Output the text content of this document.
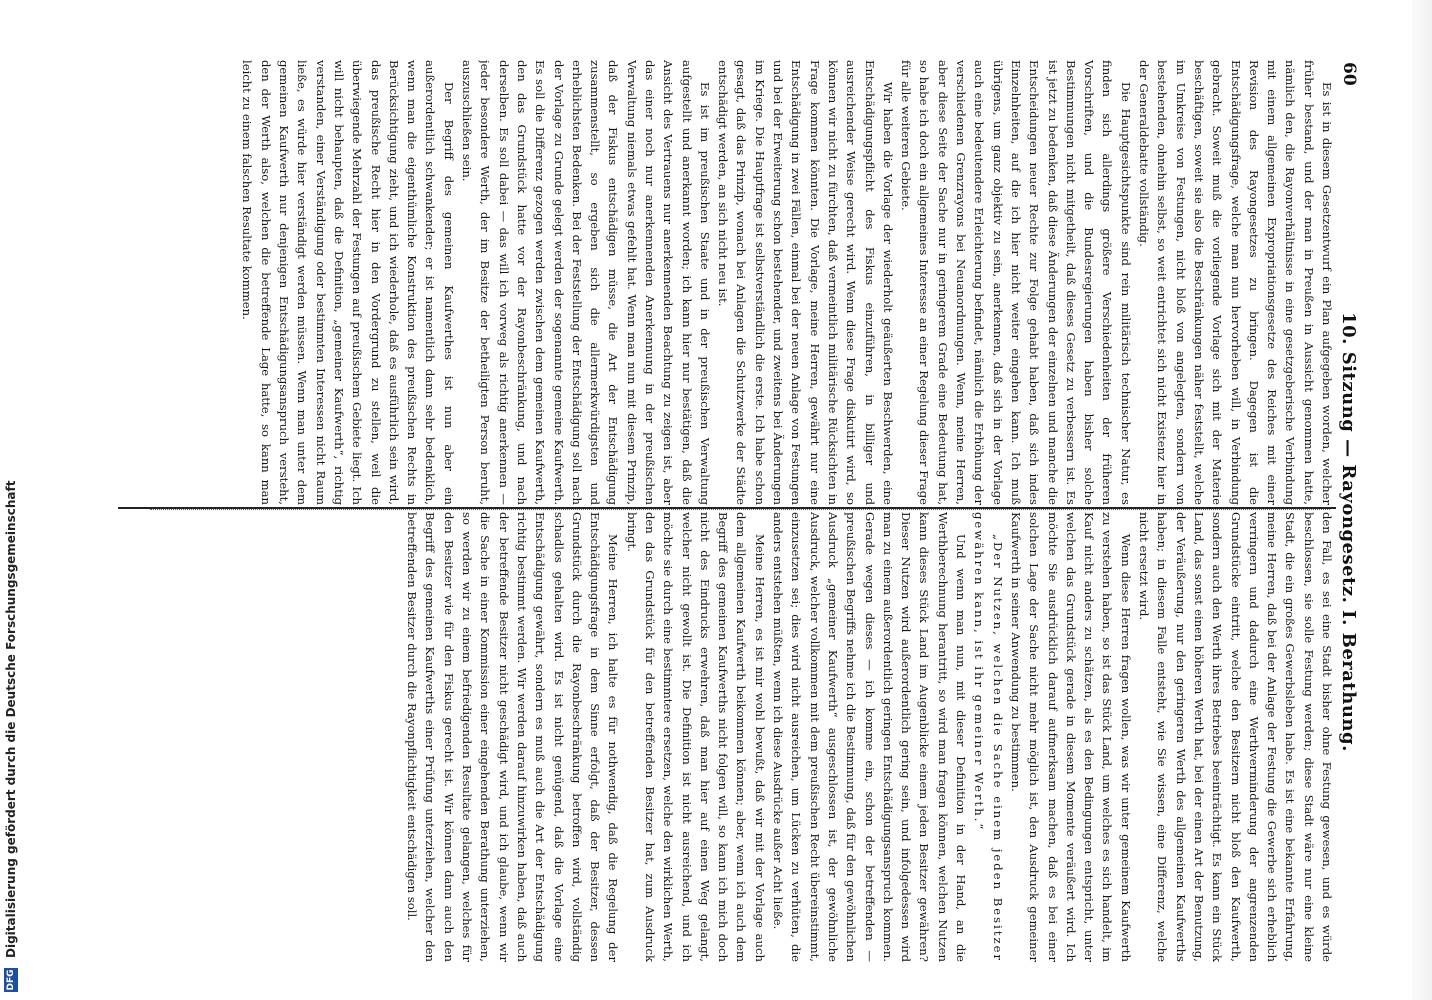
60
10. Sitzung — Rayongesetz. I. Berathung.

Es ist in diesem Gesetzentwurf ein Plan aufgegeben worden, welcher früher bestand, und der man in Preußen in Aussicht genommen hatte, nämlich den, die Rayonverhältnisse in eine gesetzgeberische Verbindung mit einem allgemeinen Expropriationsgesetze des Reiches mit einer Revision des Rayongesetzes zu bringen. Dagegen ist die Entschädigungsfrage, welche man nun hervorheben will, in Verbindung gebracht. Soweit muß die vorliegende Vorlage sich mit der Materie beschäftigen, soweit sie also die Beschränkungen näher feststellt, welche im Umkreise von Festungen, nicht bloß von angelegten, sondern von bestehenden, ohnehin selbst, so weit entrichtet sich nicht Existenz hier in der Generaldebatte vollständig.

Die Hauptgesichtspunkte sind rein militärisch technischer Natur, es finden sich allerdings größere Verschiedenheiten der früheren Vorschriften, und die Bundesregierungen haben bisher solche Bestimmungen nicht mitgetheilt, daß dieses Gesetz zu verbessern ist. Es ist jetzt zu bedenken, daß diese Änderungen der einzelnen und manche die Entscheidungen neuer Rechte zur Folge gehabt haben, daß sich indes Einzelnheiten, auf die ich hier nicht weiter eingehen kann. Ich muß übrigens, um ganz objektiv zu sein, anerkennen, daß sich in der Vorlage auch eine bedeutendere Erleichterung befindet, nämlich die Erhöhung der verschiedenen Grenzrayons bei Neuanordnungen. Wenn, meine Herren, aber diese Seite der Sache nur in geringerem Grade eine Bedeutung hat, so habe ich doch ein allgemeines Interesse an einer Regelung dieser Frage für alle weiteren Gebiete.

Wir haben die Vorlage der wiederholt geäußerten Beschwerden, eine Entschädigungspflicht des Fiskus einzuführen, in billiger und ausreichender Weise gerecht wird. Wenn diese Frage diskutirt wird, so können wir nicht zu fürchten, daß vermeintlich militärische Rücksichten in Frage kommen könnten. Die Vorlage, meine Herren, gewährt nur eine Entschädigung in zwei Fällen, einmal bei der neuen Anlage von Festungen und bei der Erweiterung schon bestehender, und zweitens bei Änderungen im Kriege. Die Hauptfrage ist selbstverständlich die erste. Ich habe schon gesagt, daß das Prinzip, wonach bei Anlagen die Schutzwerke der Städte entschädigt werden, an sich nicht neu ist.

Es ist im preußischen Staate und in der preußischen Verwaltung aufgestellt und anerkannt worden; ich kann hier nur bestätigen, daß die Ansicht des Vertrauens nur anerkennenden Beachtung zu zeigen ist, aber das einer noch nur anerkennenden Anerkennung in der preußischen Verwaltung niemals etwas gefehlt hat. Wenn man nun mit diesem Prinzip, daß der Fiskus entschädigen müsse, die Art der Entschädigung zusammenstellt, so ergeben sich die allermerkwürdigsten und erheblichsten Bedenken. Bei der Feststellung der Entschädigung soll nach der Vorlage zu Grunde gelegt werden der sogenannte gemeine Kaufwerth. Es soll die Differenz gezogen werden zwischen dem gemeinen Kaufwerth, den das Grundstück hatte vor der Rayonbeschränkung, und nach derselben. Es soll dabei — das will ich vorweg als richtig anerkennen — jeder besondere Werth, der im Besitze der betheiligten Person beruht, auszuschließen sein.

Der Begriff des gemeinen Kaufwerthes ist nun aber ein außerordentlich schwankender; er ist namentlich dann sehr bedenklich, wenn man die eigenthümliche Konstruktion des preußischen Rechts in Berücksichtigung zieht, und ich wiederhole, daß es ausführlich sein wird, das preußische Recht hier in den Vordergrund zu stellen, weil die überwiegende Mehrzahl der Festungen auf preußischem Gebiete liegt. Ich will nicht behaupten, daß die Definition, „gemeiner Kaufwerth“, richtig verstanden, einer Verständigung oder bestimmten Interessen nicht Raum ließe, es würde hier verständigt werden müssen. Wenn man unter dem gemeinen Kaufwerth nur denjenigen Entschädigungsanspruch versteht, den der Werth also, welchen die betreffende Lage hatte, so kann man leicht zu einem falschen Resultate kommen.

den Fall, es sei eine Stadt bisher ohne Festung gewesen, und es würde beschlossen, sie solle Festung werden; diese Stadt wäre nur eine kleine Stadt, die ein großes Gewerbsleben habe. Es ist eine bekannte Erfahrung, meine Herren, daß bei der Anlage der Festung die Gewerbe sich erheblich verringern und dadurch eine Werthverminderung der angrenzenden Grundstücke eintritt, welche den Besitzern nicht bloß den Kaufwerth, sondern auch den Werth ihres Betriebes beeinträchtigt. Es kann ein Stück Land, das sonst einen höheren Werth hat, bei der einen Art der Benutzung, der Veräußerung, nur den geringeren Werth des allgemeinen Kaufwerths haben; in diesem Falle entsteht, wie Sie wissen, eine Differenz, welche nicht ersetzt wird.

Wenn diese Herren fragen wollen, was wir unter gemeinem Kaufwerth zu verstehen haben, so ist das Stück Land, um welches es sich handelt, im Kauf nicht anders zu schätzen, als es den Bedingungen entspricht, unter welchen das Grundstück gerade in diesem Momente veräußert wird. Ich möchte Sie ausdrücklich darauf aufmerksam machen, daß es bei einer solchen Lage der Sache nicht mehr möglich ist, den Ausdruck gemeiner Kaufwerth in seiner Anwendung zu bestimmen.

„Der Nutzen, welchen die Sache einem jeden Besitzer gewähren kann, ist ihr gemeiner Werth.“

Und wenn man nun, mit dieser Definition in der Hand, an die Werthberechnung herantritt, so wird man fragen können, welchen Nutzen kann dieses Stück Land im Augenblicke einem jeden Besitzer gewähren? Dieser Nutzen wird außerordentlich gering sein, und infolgedessen wird man zu einem außerordentlich geringen Entschädigungsanspruch kommen. Gerade wegen dieses — ich komme ein, schon der betreffenden — preußischen Begriffs nehme ich die Bestimmung, daß für den gewöhnlichen Ausdruck „gemeiner Kaufwerth“ ausgeschlossen ist, der gewöhnliche Ausdruck, welcher vollkommen mit dem preußischen Recht übereinstimmt, einzusetzen sei; dies wird nicht ausreichen, um Lücken zu verhüten, die anders entstehen müßten, wenn ich diese Ausdrücke außer Acht ließe.

Meine Herren, es ist mir wohl bewußt, daß wir mit der Vorlage auch dem allgemeinen Kaufwerth beikommen können; aber, wenn ich auch dem Begriff des gemeinen Kaufwerths nicht folgen will, so kann ich mich doch nicht des Eindrucks erwehren, daß man hier auf einen Weg gelangt, welcher nicht gewollt ist. Die Definition ist nicht ausreichend, und ich möchte sie durch eine bestimmtere ersetzen, welche den wirklichen Werth, den das Grundstück für den betreffenden Besitzer hat, zum Ausdruck bringt.

Meine Herren, ich halte es für nothwendig, daß die Regelung der Entschädigungsfrage in dem Sinne erfolgt, daß der Besitzer, dessen Grundstück durch die Rayonbeschränkung betroffen wird, vollständig schadlos gehalten wird. Es ist nicht genügend, daß die Vorlage eine Entschädigung gewährt, sondern es muß auch die Art der Entschädigung richtig bestimmt werden. Wir werden darauf hinzuwirken haben, daß auch der betreffende Besitzer nicht geschädigt wird, und ich glaube, wenn wir die Sache in einer Kommission einer eingehenden Berathung unterziehen, so werden wir zu einem befriedigenden Resultate gelangen, welches für den Besitzer wie für den Fiskus gerecht ist. Wir können dann auch den Begriff des gemeinen Kaufwerths einer Prüfung unterziehen, welcher den betreffenden Besitzer durch die Rayonpflichtigkeit entschädigen soll.

DFG
Digitalisierung gefördert durch die Deutsche Forschungsgemeinschaft
